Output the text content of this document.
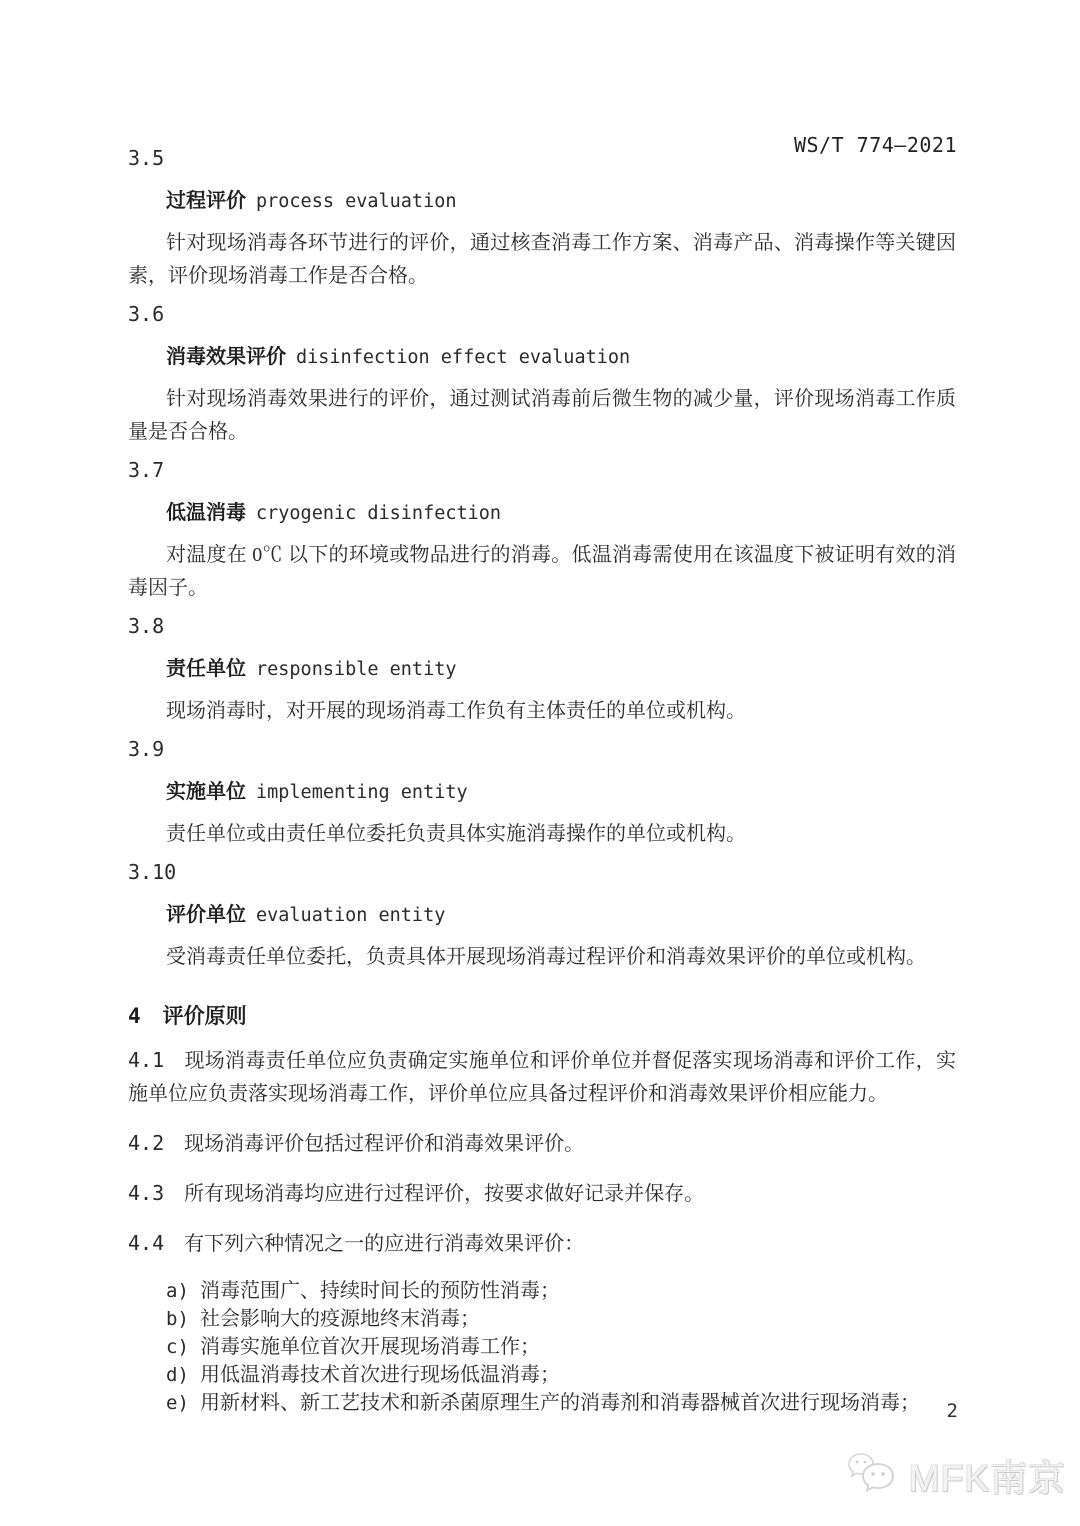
WS/T 774—2021
3.5

过程评价 process evaluation

针对现场消毒各环节进行的评价，通过核查消毒工作方案、消毒产品、消毒操作等关键因素，评价现场消毒工作是否合格。

3.6

消毒效果评价 disinfection effect evaluation

针对现场消毒效果进行的评价，通过测试消毒前后微生物的减少量，评价现场消毒工作质量是否合格。

3.7

低温消毒 cryogenic disinfection

对温度在 0℃ 以下的环境或物品进行的消毒。低温消毒需使用在该温度下被证明有效的消毒因子。

3.8

责任单位 responsible entity

现场消毒时，对开展的现场消毒工作负有主体责任的单位或机构。

3.9

实施单位 implementing entity

责任单位或由责任单位委托负责具体实施消毒操作的单位或机构。

3.10

评价单位 evaluation entity

受消毒责任单位委托，负责具体开展现场消毒过程评价和消毒效果评价的单位或机构。

4 评价原则

4.1 现场消毒责任单位应负责确定实施单位和评价单位并督促落实现场消毒和评价工作，实施单位应负责落实现场消毒工作，评价单位应具备过程评价和消毒效果评价相应能力。

4.2 现场消毒评价包括过程评价和消毒效果评价。

4.3 所有现场消毒均应进行过程评价，按要求做好记录并保存。

4.4 有下列六种情况之一的应进行消毒效果评价：

a) 消毒范围广、持续时间长的预防性消毒；
b) 社会影响大的疫源地终末消毒；
c) 消毒实施单位首次开展现场消毒工作；
d) 用低温消毒技术首次进行现场低温消毒；
e) 用新材料、新工艺技术和新杀菌原理生产的消毒剂和消毒器械首次进行现场消毒；	2
MFK南京
